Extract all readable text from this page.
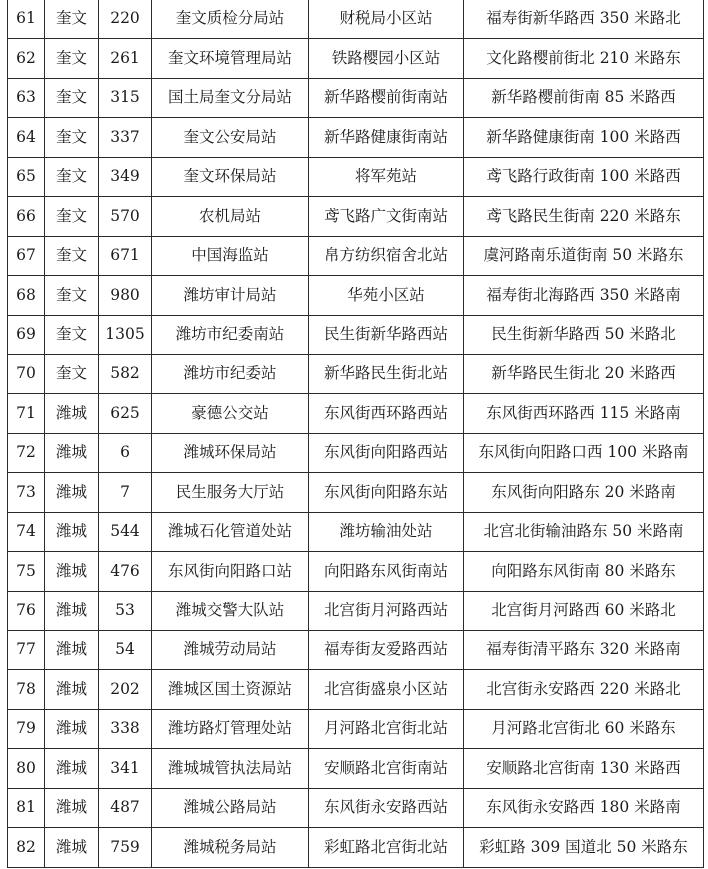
61	奎文	220	奎文质检分局站	财税局小区站	福寿街新华路西 350 米路北
62	奎文	261	奎文环境管理局站	铁路樱园小区站	文化路樱前街北 210 米路东
63	奎文	315	国土局奎文分局站	新华路樱前街南站	新华路樱前街南 85 米路西
64	奎文	337	奎文公安局站	新华路健康街南站	新华路健康街南 100 米路西
65	奎文	349	奎文环保局站	将军苑站	鸢飞路行政街南 100 米路西
66	奎文	570	农机局站	鸢飞路广文街南站	鸢飞路民生街南 220 米路东
67	奎文	671	中国海监站	帛方纺织宿舍北站	虞河路南乐道街南 50 米路东
68	奎文	980	潍坊审计局站	华苑小区站	福寿街北海路西 350 米路南
69	奎文	1305	潍坊市纪委南站	民生街新华路西站	民生街新华路西 50 米路北
70	奎文	582	潍坊市纪委站	新华路民生街北站	新华路民生街北 20 米路西
71	潍城	625	豪德公交站	东风街西环路西站	东风街西环路西 115 米路南
72	潍城	6	潍城环保局站	东风街向阳路西站	东风街向阳路口西 100 米路南
73	潍城	7	民生服务大厅站	东风街向阳路东站	东风街向阳路东 20 米路南
74	潍城	544	潍城石化管道处站	潍坊输油处站	北宫北街输油路东 50 米路南
75	潍城	476	东风街向阳路口站	向阳路东风街南站	向阳路东风街南 80 米路东
76	潍城	53	潍城交警大队站	北宫街月河路西站	北宫街月河路西 60 米路北
77	潍城	54	潍城劳动局站	福寿街友爱路西站	福寿街清平路东 320 米路南
78	潍城	202	潍城区国土资源站	北宫街盛泉小区站	北宫街永安路西 220 米路北
79	潍城	338	潍坊路灯管理处站	月河路北宫街北站	月河路北宫街北 60 米路东
80	潍城	341	潍城城管执法局站	安顺路北宫街南站	安顺路北宫街南 130 米路西
81	潍城	487	潍城公路局站	东风街永安路西站	东风街永安路西 180 米路南
82	潍城	759	潍城税务局站	彩虹路北宫街北站	彩虹路 309 国道北 50 米路东
